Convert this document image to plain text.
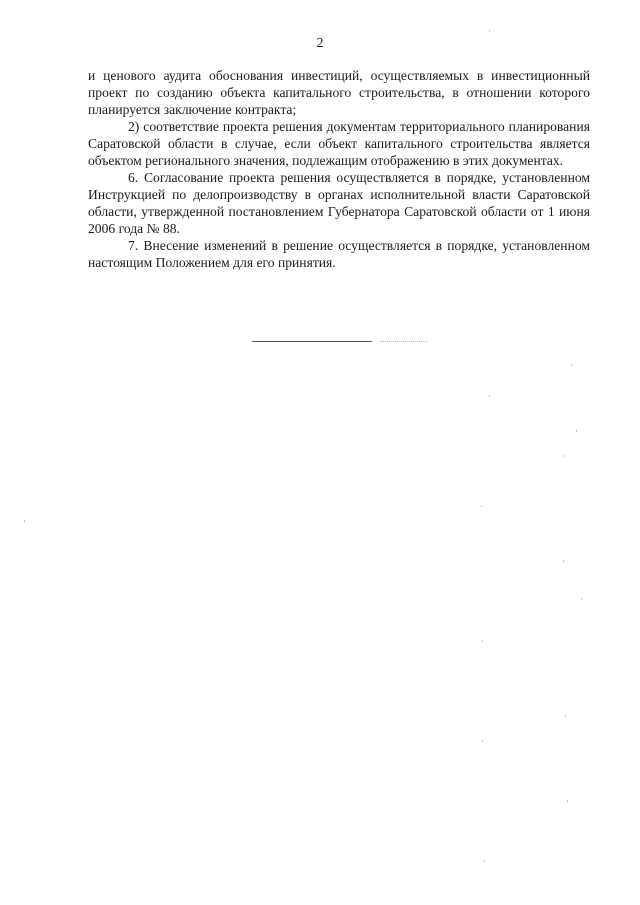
2

и ценового аудита обоснования инвестиций, осуществляемых в инвестиционный проект по созданию объекта капитального строительства, в отношении которого планируется заключение контракта;

2) соответствие проекта решения документам территориального планирования Саратовской области в случае, если объект капитального строительства является объектом регионального значения, подлежащим отображению в этих документах.

6. Согласование проекта решения осуществляется в порядке, установленном Инструкцией по делопроизводству в органах исполнительной власти Саратовской области, утвержденной постановлением Губернатора Саратовской области от 1 июня 2006 года № 88.

7. Внесение изменений в решение осуществляется в порядке, установленном настоящим Положением для его принятия.
